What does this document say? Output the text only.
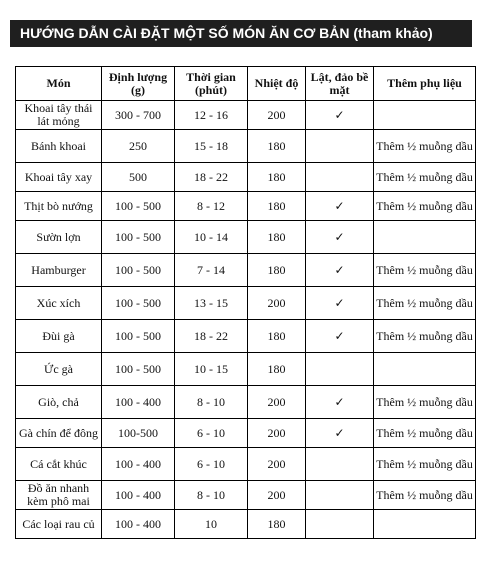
HƯỚNG DẪN CÀI ĐẶT MỘT SỐ MÓN ĂN CƠ BẢN (tham khảo)
Món	Định lượng (g)	Thời gian (phút)	Nhiệt độ	Lật, đảo bề mặt	Thêm phụ liệu
Khoai tây thái lát mỏng	300 - 700	12 - 16	200	✓	
Bánh khoai	250	15 - 18	180		Thêm ½ muỗng dầu
Khoai tây xay	500	18 - 22	180		Thêm ½ muỗng dầu
Thịt bò nướng	100 - 500	8 - 12	180	✓	Thêm ½ muỗng dầu
Sườn lợn	100 - 500	10 - 14	180	✓	
Hamburger	100 - 500	7 - 14	180	✓	Thêm ½ muỗng dầu
Xúc xích	100 - 500	13 - 15	200	✓	Thêm ½ muỗng dầu
Đùi gà	100 - 500	18 - 22	180	✓	Thêm ½ muỗng dầu
Ức gà	100 - 500	10 - 15	180		
Giò, chả	100 - 400	8 - 10	200	✓	Thêm ½ muỗng dầu
Gà chín để đông	100-500	6 - 10	200	✓	Thêm ½ muỗng dầu
Cá cắt khúc	100 - 400	6 - 10	200		Thêm ½ muỗng dầu
Đồ ăn nhanh kèm phô mai	100 - 400	8 - 10	200		Thêm ½ muỗng dầu
Các loại rau củ	100 - 400	10	180		
